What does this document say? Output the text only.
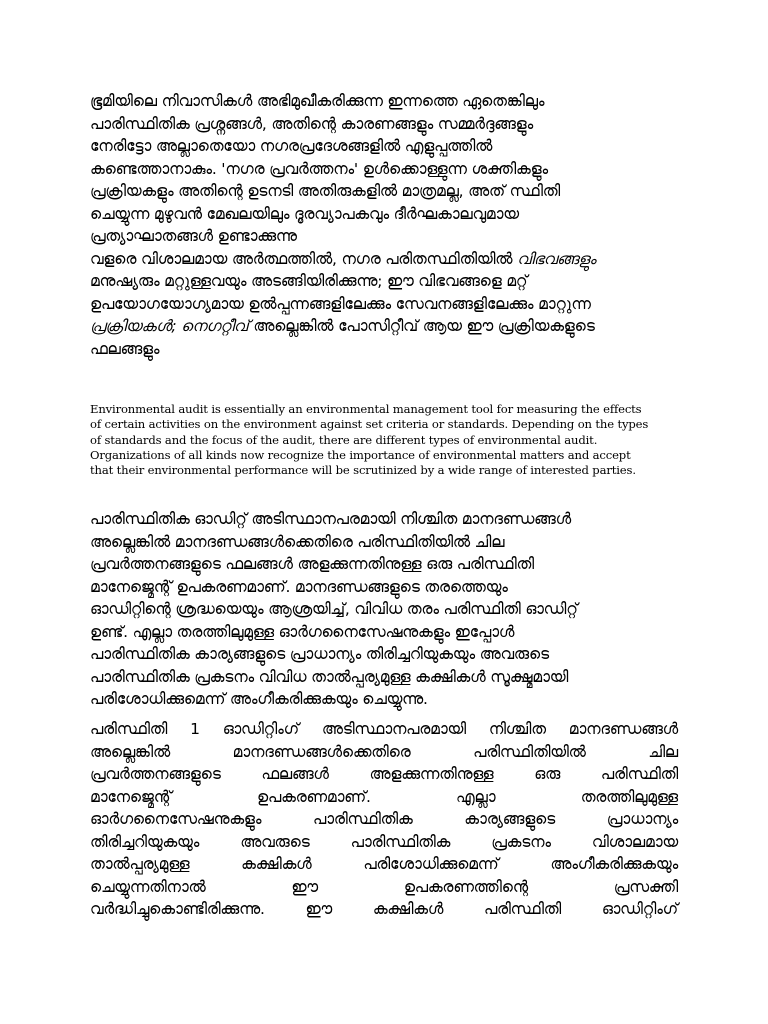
ഭൂമിയിലെ നിവാസികൾ അഭിമുഖീകരിക്കുന്ന ഇന്നത്തെ ഏതെങ്കിലും
പാരിസ്ഥിതിക പ്രശ്നങ്ങൾ, അതിന്റെ കാരണങ്ങളും സമ്മർദ്ദങ്ങളും
നേരിട്ടോ അല്ലാതെയോ നഗരപ്രദേശങ്ങളിൽ എളുപ്പത്തിൽ
കണ്ടെത്താനാകും. 'നഗര പ്രവർത്തനം' ഉൾക്കൊള്ളുന്ന ശക്തികളും
പ്രക്രിയകളും അതിന്റെ ഉടനടി അതിരുകളിൽ മാത്രമല്ല, അത് സ്ഥിതി
ചെയ്യുന്ന മുഴുവൻ മേഖലയിലും ദൂരവ്യാപകവും ദീർഘകാലവുമായ
പ്രത്യാഘാതങ്ങൾ ഉണ്ടാക്കുന്നു
വളരെ വിശാലമായ അർത്ഥത്തിൽ, നഗര പരിതസ്ഥിതിയിൽ വിഭവങ്ങളും
മനുഷ്യരും മറ്റുള്ളവയും അടങ്ങിയിരിക്കുന്നു; ഈ വിഭവങ്ങളെ മറ്റ്
ഉപയോഗയോഗ്യമായ ഉൽപ്പന്നങ്ങളിലേക്കും സേവനങ്ങളിലേക്കും മാറ്റുന്ന
പ്രക്രിയകൾ; നെഗറ്റീവ് അല്ലെങ്കിൽ പോസിറ്റീവ് ആയ ഈ പ്രക്രിയകളുടെ
ഫലങ്ങളും
Environmental audit is essentially an environmental management tool for measuring the effects
of certain activities on the environment against set criteria or standards. Depending on the types
of standards and the focus of the audit, there are different types of environmental audit.
Organizations of all kinds now recognize the importance of environmental matters and accept
that their environmental performance will be scrutinized by a wide range of interested parties.
പാരിസ്ഥിതിക ഓഡിറ്റ് അടിസ്ഥാനപരമായി നിശ്ചിത മാനദണ്ഡങ്ങൾ
അല്ലെങ്കിൽ മാനദണ്ഡങ്ങൾക്കെതിരെ പരിസ്ഥിതിയിൽ ചില
പ്രവർത്തനങ്ങളുടെ ഫലങ്ങൾ അളക്കുന്നതിനുള്ള ഒരു പരിസ്ഥിതി
മാനേജ്മെന്റ് ഉപകരണമാണ്. മാനദണ്ഡങ്ങളുടെ തരത്തെയും
ഓഡിറ്റിന്റെ ശ്രദ്ധയെയും ആശ്രയിച്ച്, വിവിധ തരം പരിസ്ഥിതി ഓഡിറ്റ്
ഉണ്ട്. എല്ലാ തരത്തിലുമുള്ള ഓർഗനൈസേഷനുകളും ഇപ്പോൾ
പാരിസ്ഥിതിക കാര്യങ്ങളുടെ പ്രാധാന്യം തിരിച്ചറിയുകയും അവരുടെ
പാരിസ്ഥിതിക പ്രകടനം വിവിധ താൽപ്പര്യമുള്ള കക്ഷികൾ സൂക്ഷ്മമായി
പരിശോധിക്കുമെന്ന് അംഗീകരിക്കുകയും ചെയ്യുന്നു.
പരിസ്ഥിതി 1 ഓഡിറ്റിംഗ് അടിസ്ഥാനപരമായി നിശ്ചിത മാനദണ്ഡങ്ങൾ
അല്ലെങ്കിൽ മാനദണ്ഡങ്ങൾക്കെതിരെ പരിസ്ഥിതിയിൽ ചില
പ്രവർത്തനങ്ങളുടെ ഫലങ്ങൾ അളക്കുന്നതിനുള്ള ഒരു പരിസ്ഥിതി
മാനേജ്മെന്റ് ഉപകരണമാണ്. എല്ലാ തരത്തിലുമുള്ള
ഓർഗനൈസേഷനുകളും പാരിസ്ഥിതിക കാര്യങ്ങളുടെ പ്രാധാന്യം
തിരിച്ചറിയുകയും അവരുടെ പാരിസ്ഥിതിക പ്രകടനം വിശാലമായ
താൽപ്പര്യമുള്ള കക്ഷികൾ പരിശോധിക്കുമെന്ന് അംഗീകരിക്കുകയും
ചെയ്യുന്നതിനാൽ ഈ ഉപകരണത്തിന്റെ പ്രസക്തി
വർദ്ധിച്ചുകൊണ്ടിരിക്കുന്നു. ഈ കക്ഷികൾ പരിസ്ഥിതി ഓഡിറ്റിംഗ്
